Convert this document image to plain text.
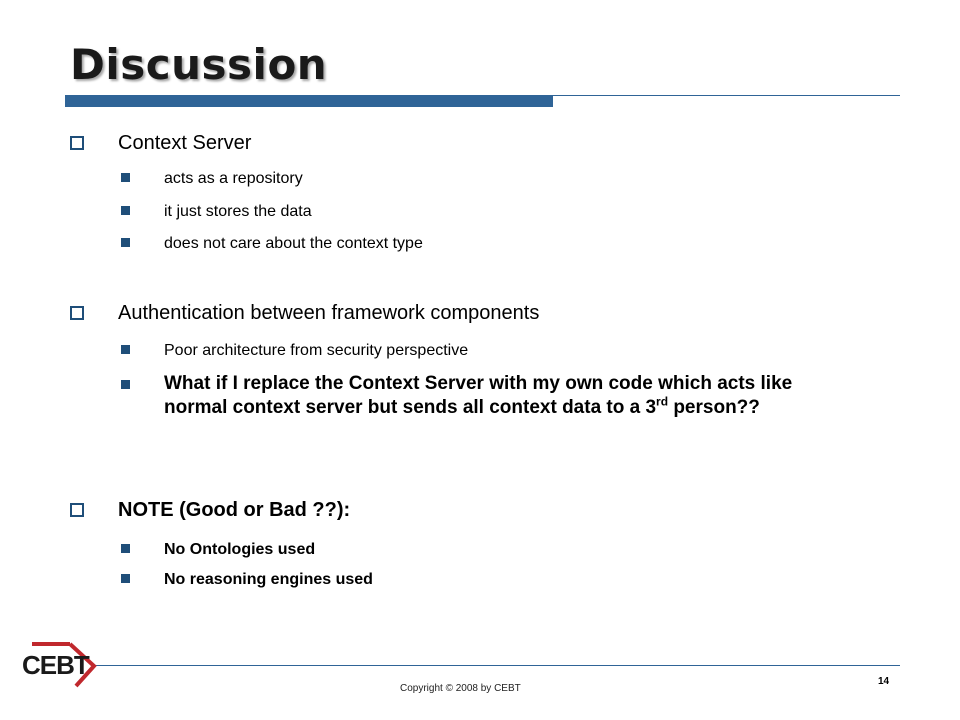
Discussion
Context Server
acts as a repository
it just stores the data
does not care about the context type
Authentication between framework components
Poor architecture from security perspective
What if I replace the Context Server with my own code which acts like normal context server but sends all context data to a 3rd person??
NOTE (Good or Bad ??):
No Ontologies used
No reasoning engines used
CEBT
Copyright © 2008 by CEBT
14
